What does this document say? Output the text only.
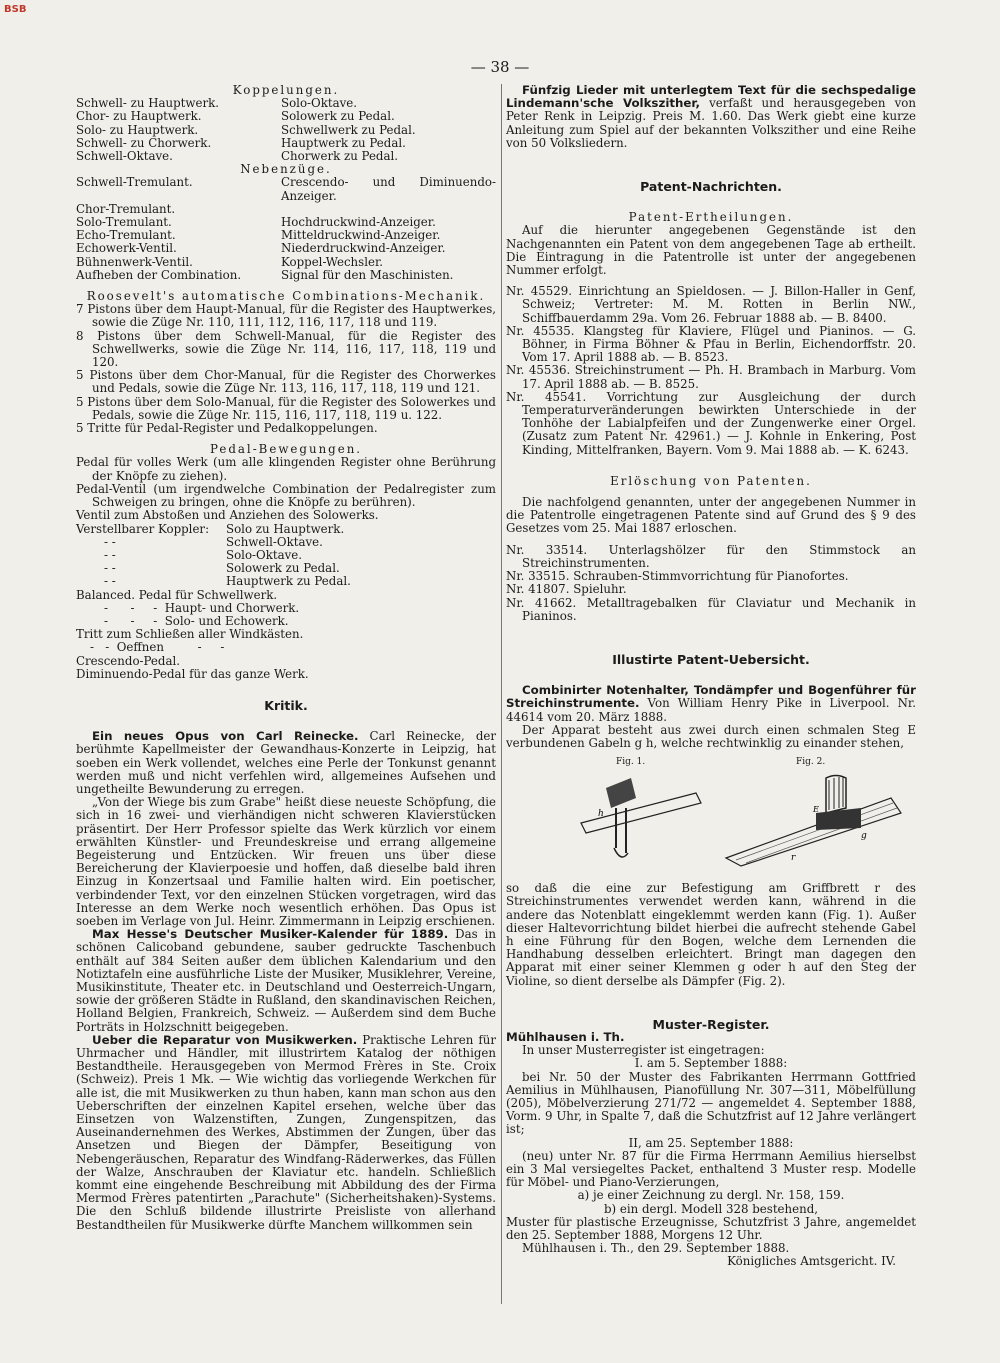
BSB
— 38 —

Koppelungen.

Schwell- zu Hauptwerk.	Solo-Oktave.
Chor- zu Hauptwerk.	Solowerk zu Pedal.
Solo- zu Hauptwerk.	Schwellwerk zu Pedal.
Schwell- zu Chorwerk.	Hauptwerk zu Pedal.
Schwell-Oktave.	Chorwerk zu Pedal.

Nebenzüge.

Schwell-Tremulant.	Crescendo- und Diminuendo-Anzeiger.
Chor-Tremulant.
Solo-Tremulant.	Hochdruckwind-Anzeiger.
Echo-Tremulant.	Mitteldruckwind-Anzeiger.
Echowerk-Ventil.	Niederdruckwind-Anzeiger.
Bühnenwerk-Ventil.	Koppel-Wechsler.
Aufheben der Combination.	Signal für den Maschinisten.

Roosevelt's automatische Combinations-Mechanik.

7 Pistons über dem Haupt-Manual, für die Register des Hauptwerkes, sowie die Züge Nr. 110, 111, 112, 116, 117, 118 und 119.

8 Pistons über dem Schwell-Manual, für die Register des Schwellwerks, sowie die Züge Nr. 114, 116, 117, 118, 119 und 120.

5 Pistons über dem Chor-Manual, für die Register des Chorwerkes und Pedals, sowie die Züge Nr. 113, 116, 117, 118, 119 und 121.

5 Pistons über dem Solo-Manual, für die Register des Solowerkes und Pedals, sowie die Züge Nr. 115, 116, 117, 118, 119 u. 122.

5 Tritte für Pedal-Register und Pedalkoppelungen.

Pedal-Bewegungen.

Pedal für volles Werk (um alle klingenden Register ohne Berührung der Knöpfe zu ziehen).

Pedal-Ventil (um irgendwelche Combination der Pedalregister zum Schweigen zu bringen, ohne die Knöpfe zu berühren).

Ventil zum Abstoßen und Anziehen des Solowerks.

Verstellbarer Koppler:	Solo zu Hauptwerk.
- -	Schwell-Oktave.
- -	Solo-Oktave.
- -	Solowerk zu Pedal.
- -	Hauptwerk zu Pedal.

Balanced. Pedal für Schwellwerk.

-      -     -  Haupt- und Chorwerk.

-      -     -  Solo- und Echowerk.

Tritt zum Schließen aller Windkästen.

-   -  Oeffnen         -     -

Crescendo-Pedal.

Diminuendo-Pedal für das ganze Werk.

Kritik.

Ein neues Opus von Carl Reinecke. Carl Reinecke, der berühmte Kapellmeister der Gewandhaus-Konzerte in Leipzig, hat soeben ein Werk vollendet, welches eine Perle der Tonkunst genannt werden muß und nicht verfehlen wird, allgemeines Aufsehen und ungetheilte Bewunderung zu erregen.

„Von der Wiege bis zum Grabe" heißt diese neueste Schöpfung, die sich in 16 zwei- und vierhändigen nicht schweren Klavierstücken präsentirt. Der Herr Professor spielte das Werk kürzlich vor einem erwählten Künstler- und Freundeskreise und errang allgemeine Begeisterung und Entzücken. Wir freuen uns über diese Bereicherung der Klavierpoesie und hoffen, daß dieselbe bald ihren Einzug in Konzertsaal und Familie halten wird. Ein poetischer, verbindender Text, vor den einzelnen Stücken vorgetragen, wird das Interesse an dem Werke noch wesentlich erhöhen. Das Opus ist soeben im Verlage von Jul. Heinr. Zimmermann in Leipzig erschienen.

Max Hesse's Deutscher Musiker-Kalender für 1889. Das in schönen Calicoband gebundene, sauber gedruckte Taschenbuch enthält auf 384 Seiten außer dem üblichen Kalendarium und den Notiztafeln eine ausführliche Liste der Musiker, Musiklehrer, Vereine, Musikinstitute, Theater etc. in Deutschland und Oesterreich-Ungarn, sowie der größeren Städte in Rußland, den skandinavischen Reichen, Holland Belgien, Frankreich, Schweiz. — Außerdem sind dem Buche Porträts in Holzschnitt beigegeben.

Ueber die Reparatur von Musikwerken. Praktische Lehren für Uhrmacher und Händler, mit illustrirtem Katalog der nöthigen Bestandtheile. Herausgegeben von Mermod Frères in Ste. Croix (Schweiz). Preis 1 Mk. — Wie wichtig das vorliegende Werkchen für alle ist, die mit Musikwerken zu thun haben, kann man schon aus den Ueberschriften der einzelnen Kapitel ersehen, welche über das Einsetzen von Walzenstiften, Zungen, Zungenspitzen, das Auseinandernehmen des Werkes, Abstimmen der Zungen, über das Ansetzen und Biegen der Dämpfer, Beseitigung von Nebengeräuschen, Reparatur des Windfang-Räderwerkes, das Füllen der Walze, Anschrauben der Klaviatur etc. handeln. Schließlich kommt eine eingehende Beschreibung mit Abbildung des der Firma Mermod Frères patentirten „Parachute" (Sicherheitshaken)-Systems. Die den Schluß bildende illustrirte Preisliste von allerhand Bestandtheilen für Musikwerke dürfte Manchem willkommen sein

Fünfzig Lieder mit unterlegtem Text für die sechspedalige Lindemann'sche Volkszither, verfaßt und herausgegeben von Peter Renk in Leipzig. Preis M. 1.60. Das Werk giebt eine kurze Anleitung zum Spiel auf der bekannten Volkszither und eine Reihe von 50 Volksliedern.

Patent-Nachrichten.

Patent-Ertheilungen.

Auf die hierunter angegebenen Gegenstände ist den Nachgenannten ein Patent von dem angegebenen Tage ab ertheilt. Die Eintragung in die Patentrolle ist unter der angegebenen Nummer erfolgt.

Nr. 45529. Einrichtung an Spieldosen. — J. Billon-Haller in Genf, Schweiz; Vertreter: M. M. Rotten in Berlin NW., Schiffbauerdamm 29a. Vom 26. Februar 1888 ab. — B. 8400.

Nr. 45535. Klangsteg für Klaviere, Flügel und Pianinos. — G. Böhner, in Firma Böhner & Pfau in Berlin, Eichendorffstr. 20. Vom 17. April 1888 ab. — B. 8523.

Nr. 45536. Streichinstrument — Ph. H. Brambach in Marburg. Vom 17. April 1888 ab. — B. 8525.

Nr. 45541. Vorrichtung zur Ausgleichung der durch Temperaturveränderungen bewirkten Unterschiede in der Tonhöhe der Labialpfeifen und der Zungenwerke einer Orgel. (Zusatz zum Patent Nr. 42961.) — J. Kohnle in Enkering, Post Kinding, Mittelfranken, Bayern. Vom 9. Mai 1888 ab. — K. 6243.

Erlöschung von Patenten.

Die nachfolgend genannten, unter der angegebenen Nummer in die Patentrolle eingetragenen Patente sind auf Grund des § 9 des Gesetzes vom 25. Mai 1887 erloschen.

Nr. 33514. Unterlagshölzer für den Stimmstock an Streichinstrumenten.

Nr. 33515. Schrauben-Stimmvorrichtung für Pianofortes.

Nr. 41807. Spieluhr.

Nr. 41662. Metalltragebalken für Claviatur und Mechanik in Pianinos.

Illustirte Patent-Uebersicht.

Combinirter Notenhalter, Tondämpfer und Bogenführer für Streichinstrumente. Von William Henry Pike in Liverpool. Nr. 44614 vom 20. März 1888.

Der Apparat besteht aus zwei durch einen schmalen Steg E verbundenen Gabeln g h, welche rechtwinklig zu einander stehen,

Fig. 1.	Fig. 2.
h	E
g
r

so daß die eine zur Befestigung am Griffbrett r des Streichinstrumentes verwendet werden kann, während in die andere das Notenblatt eingeklemmt werden kann (Fig. 1). Außer dieser Haltevorrichtung bildet hierbei die aufrecht stehende Gabel h eine Führung für den Bogen, welche dem Lernenden die Handhabung desselben erleichtert. Bringt man dagegen den Apparat mit einer seiner Klemmen g oder h auf den Steg der Violine, so dient derselbe als Dämpfer (Fig. 2).

Muster-Register.

Mühlhausen i. Th.

In unser Musterregister ist eingetragen:

I. am 5. September 1888:

bei Nr. 50 der Muster des Fabrikanten Herrmann Gottfried Aemilius in Mühlhausen, Pianofüllung Nr. 307—311, Möbelfüllung (205), Möbelverzierung 271/72 — angemeldet 4. September 1888, Vorm. 9 Uhr, in Spalte 7, daß die Schutzfrist auf 12 Jahre verlängert ist;

II, am 25. September 1888:

(neu) unter Nr. 87 für die Firma Herrmann Aemilius hierselbst ein 3 Mal versiegeltes Packet, enthaltend 3 Muster resp. Modelle für Möbel- und Piano-Verzierungen,

a) je einer Zeichnung zu dergl. Nr. 158, 159.

b) ein dergl. Modell 328 bestehend,

Muster für plastische Erzeugnisse, Schutzfrist 3 Jahre, angemeldet den 25. September 1888, Morgens 12 Uhr.

Mühlhausen i. Th., den 29. September 1888.

Königliches Amtsgericht. IV.
